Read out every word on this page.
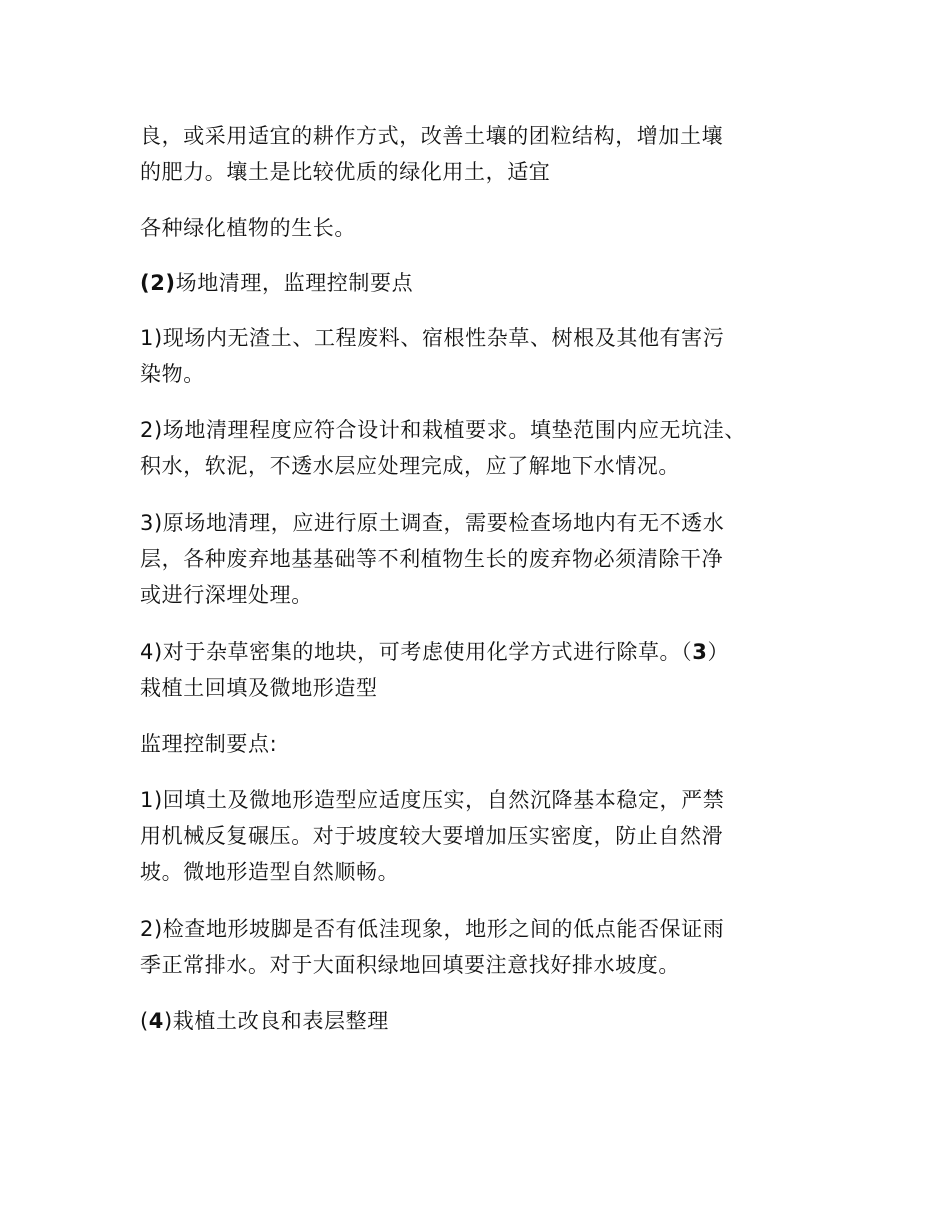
良，或采用适宜的耕作方式，改善土壤的团粒结构，增加土壤
的肥力。壤土是比较优质的绿化用土，适宜

各种绿化植物的生长。

(2)场地清理，监理控制要点

1)现场内无渣土、工程废料、宿根性杂草、树根及其他有害污
染物。

2)场地清理程度应符合设计和栽植要求。填垫范围内应无坑洼、
积水，软泥，不透水层应处理完成，应了解地下水情况。

3)原场地清理，应进行原土调查，需要检查场地内有无不透水
层，各种废弃地基基础等不利植物生长的废弃物必须清除干净
或进行深埋处理。

4)对于杂草密集的地块，可考虑使用化学方式进行除草。（3）
栽植土回填及微地形造型

监理控制要点:

1)回填土及微地形造型应适度压实，自然沉降基本稳定，严禁
用机械反复碾压。对于坡度较大要增加压实密度，防止自然滑
坡。微地形造型自然顺畅。

2)检查地形坡脚是否有低洼现象，地形之间的低点能否保证雨
季正常排水。对于大面积绿地回填要注意找好排水坡度。

(4)栽植土改良和表层整理
